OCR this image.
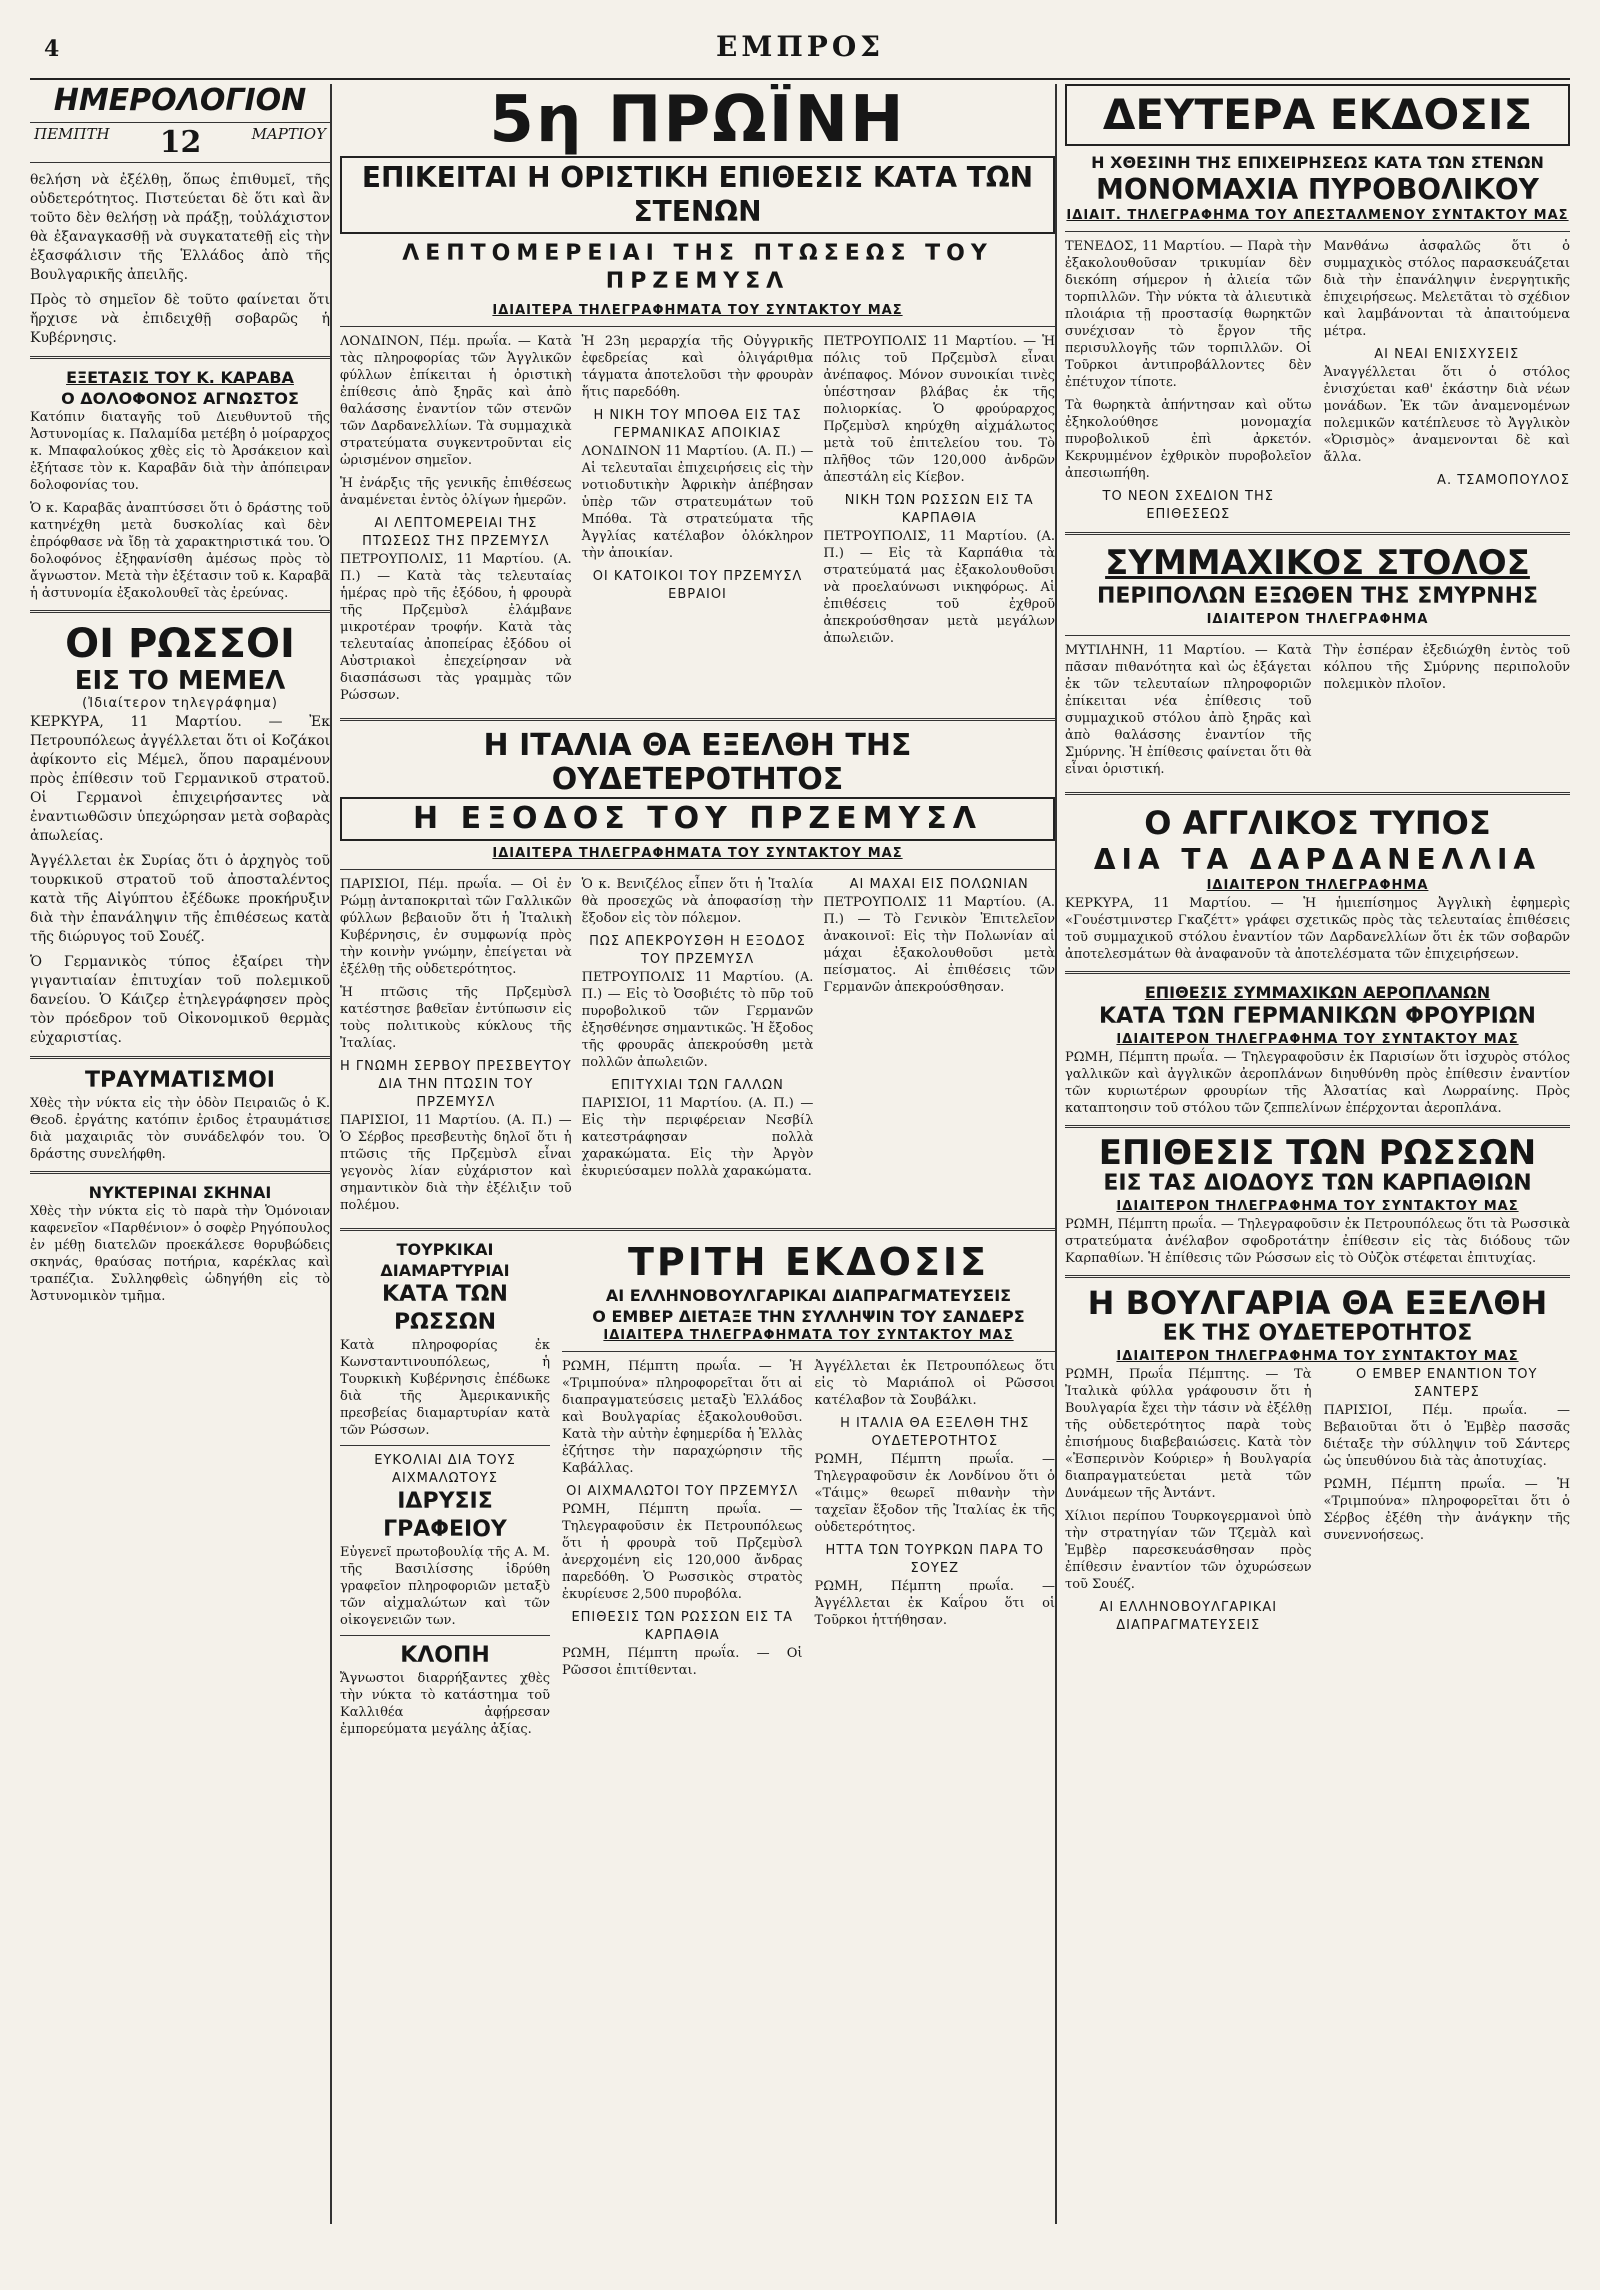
4	ΕΜΠΡΟΣ
ΗΜΕΡΟΛΟΓΙΟΝ
ΠΕΜΠΤΗ 12	ΜΑΡΤΙΟΥ

θελήση νὰ ἐξέλθῃ, ὅπως ἐπιθυμεῖ, τῆς οὐδετερότητος. Πιστεύεται δὲ ὅτι καὶ ἂν τοῦτο δὲν θελήσῃ νὰ πράξῃ, τοὐλάχιστον θὰ ἐξαναγκασθῇ νὰ συγκατατεθῇ εἰς τὴν ἐξασφάλισιν τῆς Ἑλλάδος ἀπὸ τῆς Βουλγαρικῆς ἀπειλῆς.

Πρὸς τὸ σημεῖον δὲ τοῦτο φαίνεται ὅτι ἤρχισε νὰ ἐπιδειχθῇ σοβαρῶς ἡ Κυβέρνησις.

ΕΞΕΤΑΣΙΣ ΤΟΥ Κ. ΚΑΡΑΒΑ
Ο ΔΟΛΟΦΟΝΟΣ ΑΓΝΩΣΤΟΣ

Κατόπιν διαταγῆς τοῦ Διευθυντοῦ τῆς Ἀστυνομίας κ. Παλαμίδα μετέβη ὁ μοίραρχος κ. Μπαφαλούκος χθὲς εἰς τὸ Ἀρσάκειον καὶ ἐξήτασε τὸν κ. Καραβᾶν διὰ τὴν ἀπόπειραν δολοφονίας του.

Ὁ κ. Καραβᾶς ἀναπτύσσει ὅτι ὁ δράστης τοῦ κατηνέχθη μετὰ δυσκολίας καὶ δὲν ἐπρόφθασε νὰ ἴδῃ τὰ χαρακτηριστικά του. Ὁ δολοφόνος ἐξηφανίσθη ἀμέσως πρὸς τὸ ἄγνωστον. Μετὰ τὴν ἐξέτασιν τοῦ κ. Καραβᾶ ἡ ἀστυνομία ἐξακολουθεῖ τὰς ἐρεύνας.

ΟΙ ΡΩΣΣΟΙ
ΕΙΣ ΤΟ ΜΕΜΕΛ
(Ἰδιαίτερον τηλεγράφημα)

ΚΕΡΚΥΡΑ, 11 Μαρτίου. — Ἐκ Πετρουπόλεως ἀγγέλλεται ὅτι οἱ Κοζάκοι ἀφίκοντο εἰς Μέμελ, ὅπου παραμένουν πρὸς ἐπίθεσιν τοῦ Γερμανικοῦ στρατοῦ. Οἱ Γερμανοὶ ἐπιχειρήσαντες νὰ ἐναντιωθῶσιν ὑπεχώρησαν μετὰ σοβαρὰς ἀπωλείας.

Ἀγγέλλεται ἐκ Συρίας ὅτι ὁ ἀρχηγὸς τοῦ τουρκικοῦ στρατοῦ τοῦ ἀποσταλέντος κατὰ τῆς Αἰγύπτου ἐξέδωκε προκήρυξιν διὰ τὴν ἐπανάληψιν τῆς ἐπιθέσεως κατὰ τῆς διώρυγος τοῦ Σουέζ.

Ὁ Γερμανικὸς τύπος ἐξαίρει τὴν γιγαντιαίαν ἐπιτυχίαν τοῦ πολεμικοῦ δανείου. Ὁ Κάιζερ ἐτηλεγράφησεν πρὸς τὸν πρόεδρον τοῦ Οἰκονομικοῦ θερμὰς εὐχαριστίας.

ΤΡΑΥΜΑΤΙΣΜΟΙ

Χθὲς τὴν νύκτα εἰς τὴν ὁδὸν Πειραιῶς ὁ Κ. Θεοδ. ἐργάτης κατόπιν ἐριδος ἐτραυμάτισε διὰ μαχαιριᾶς τὸν συνάδελφόν του. Ὁ δράστης συνελήφθη.

ΝΥΚΤΕΡΙΝΑΙ ΣΚΗΝΑΙ

Χθὲς τὴν νύκτα εἰς τὸ παρὰ τὴν Ὁμόνοιαν καφενεῖον «Παρθένιον» ὁ σοφὲρ Ρηγόπουλος ἐν μέθῃ διατελῶν προεκάλεσε θορυβώδεις σκηνάς, θραύσας ποτήρια, καρέκλας καὶ τραπέζια. Συλληφθεὶς ὡδηγήθη εἰς τὸ Ἀστυνομικὸν τμῆμα.

5η ΠΡΩΪΝΗ
ΕΠΙΚΕΙΤΑΙ Η ΟΡΙΣΤΙΚΗ ΕΠΙΘΕΣΙΣ ΚΑΤΑ ΤΩΝ ΣΤΕΝΩΝ
ΛΕΠΤΟΜΕΡΕΙΑΙ ΤΗΣ ΠΤΩΣΕΩΣ ΤΟΥ ΠΡΖΕΜΥΣΛ
ΙΔΙΑΙΤΕΡΑ ΤΗΛΕΓΡΑΦΗΜΑΤΑ ΤΟΥ ΣΥΝΤΑΚΤΟΥ ΜΑΣ

ΛΟΝΔΙΝΟΝ, Πέμ. πρωΐα. — Κατὰ τὰς πληροφορίας τῶν Ἀγγλικῶν φύλλων ἐπίκειται ἡ ὁριστικὴ ἐπίθεσις ἀπὸ ξηρᾶς καὶ ἀπὸ θαλάσσης ἐναντίον τῶν στενῶν τῶν Δαρδανελλίων. Τὰ συμμαχικὰ στρατεύματα συγκεντροῦνται εἰς ὡρισμένον σημεῖον.

Ἡ ἐνάρξις τῆς γενικῆς ἐπιθέσεως ἀναμένεται ἐντὸς ὀλίγων ἡμερῶν.

ΑΙ ΛΕΠΤΟΜΕΡΕΙΑΙ ΤΗΣ ΠΤΩΣΕΩΣ ΤΗΣ ΠΡΖΕΜΥΣΛ

ΠΕΤΡΟΥΠΟΛΙΣ, 11 Μαρτίου. (Α. Π.) — Κατὰ τὰς τελευταίας ἡμέρας πρὸ τῆς ἐξόδου, ἡ φρουρὰ τῆς Πρζεμὺσλ ἐλάμβανε μικροτέραν τροφήν. Κατὰ τὰς τελευταίας ἀποπείρας ἐξόδου οἱ Αὐστριακοὶ ἐπεχείρησαν νὰ διασπάσωσι τὰς γραμμὰς τῶν Ρώσσων.

Ἡ 23η μεραρχία τῆς Οὐγγρικῆς ἐφεδρείας καὶ ὀλιγάριθμα τάγματα ἀποτελοῦσι τὴν φρουρὰν ἥτις παρεδόθη.

Η ΝΙΚΗ ΤΟΥ ΜΠΟΘΑ ΕΙΣ ΤΑΣ ΓΕΡΜΑΝΙΚΑΣ ΑΠΟΙΚΙΑΣ

ΛΟΝΔΙΝΟΝ 11 Μαρτίου. (Α. Π.) — Αἱ τελευταῖαι ἐπιχειρήσεις εἰς τὴν νοτιοδυτικὴν Ἀφρικὴν ἀπέβησαν ὑπὲρ τῶν στρατευμάτων τοῦ Μπόθα. Τὰ στρατεύματα τῆς Ἀγγλίας κατέλαβον ὁλόκληρον τὴν ἀποικίαν.

ΟΙ ΚΑΤΟΙΚΟΙ ΤΟΥ ΠΡΖΕΜΥΣΛ ΕΒΡΑΙΟΙ

ΠΕΤΡΟΥΠΟΛΙΣ 11 Μαρτίου. — Ἡ πόλις τοῦ Πρζεμὺσλ εἶναι ἀνέπαφος. Μόνον συνοικίαι τινὲς ὑπέστησαν βλάβας ἐκ τῆς πολιορκίας. Ὁ φρούραρχος Πρζεμὺσλ κηρύχθη αἰχμάλωτος μετὰ τοῦ ἐπιτελείου του. Τὸ πλῆθος τῶν 120,000 ἀνδρῶν ἀπεστάλη εἰς Κίεβον.

ΝΙΚΗ ΤΩΝ ΡΩΣΣΩΝ ΕΙΣ ΤΑ ΚΑΡΠΑΘΙΑ

ΠΕΤΡΟΥΠΟΛΙΣ, 11 Μαρτίου. (Α. Π.) — Εἰς τὰ Καρπάθια τὰ στρατεύματά μας ἐξακολουθοῦσι νὰ προελαύνωσι νικηφόρως. Αἱ ἐπιθέσεις τοῦ ἐχθροῦ ἀπεκρούσθησαν μετὰ μεγάλων ἀπωλειῶν.

Η ΙΤΑΛΙΑ ΘΑ ΕΞΕΛΘΗ ΤΗΣ ΟΥΔΕΤΕΡΟΤΗΤΟΣ
Η ΕΞΟΔΟΣ ΤΟΥ ΠΡΖΕΜΥΣΛ
ΙΔΙΑΙΤΕΡΑ ΤΗΛΕΓΡΑΦΗΜΑΤΑ ΤΟΥ ΣΥΝΤΑΚΤΟΥ ΜΑΣ

ΠΑΡΙΣΙΟΙ, Πέμ. πρωΐα. — Οἱ ἐν Ρώμῃ ἀνταποκριταὶ τῶν Γαλλικῶν φύλλων βεβαιοῦν ὅτι ἡ Ἰταλικὴ Κυβέρνησις, ἐν συμφωνίᾳ πρὸς τὴν κοινὴν γνώμην, ἐπείγεται νὰ ἐξέλθῃ τῆς οὐδετερότητος.

Ἡ πτῶσις τῆς Πρζεμὺσλ κατέστησε βαθεῖαν ἐντύπωσιν εἰς τοὺς πολιτικοὺς κύκλους τῆς Ἰταλίας.

Η ΓΝΩΜΗ ΣΕΡΒΟΥ ΠΡΕΣΒΕΥΤΟΥ ΔΙΑ ΤΗΝ ΠΤΩΣΙΝ ΤΟΥ ΠΡΖΕΜΥΣΛ

ΠΑΡΙΣΙΟΙ, 11 Μαρτίου. (Α. Π.) — Ὁ Σέρβος πρεσβευτὴς δηλοῖ ὅτι ἡ πτῶσις τῆς Πρζεμὺσλ εἶναι γεγονὸς λίαν εὐχάριστον καὶ σημαντικὸν διὰ τὴν ἐξέλιξιν τοῦ πολέμου.

Ὁ κ. Βενιζέλος εἶπεν ὅτι ἡ Ἰταλία θὰ προσεχῶς νὰ ἀποφασίσῃ τὴν ἔξοδον εἰς τὸν πόλεμον.

ΠΩΣ ΑΠΕΚΡΟΥΣΘΗ Η ΕΞΟΔΟΣ ΤΟΥ ΠΡΖΕΜΥΣΛ

ΠΕΤΡΟΥΠΟΛΙΣ 11 Μαρτίου. (Α. Π.) — Εἰς τὸ Ὀσοβιέτς τὸ πῦρ τοῦ πυροβολικοῦ τῶν Γερμανῶν ἐξησθένησε σημαντικῶς. Ἡ ἔξοδος τῆς φρουρᾶς ἀπεκρούσθη μετὰ πολλῶν ἀπωλειῶν.

ΕΠΙΤΥΧΙΑΙ ΤΩΝ ΓΑΛΛΩΝ

ΠΑΡΙΣΙΟΙ, 11 Μαρτίου. (Α. Π.) — Εἰς τὴν περιφέρειαν Νεσβίλ κατεστράφησαν πολλὰ χαρακώματα. Εἰς τὴν Ἀργὸν ἐκυριεύσαμεν πολλὰ χαρακώματα.

ΑΙ ΜΑΧΑΙ ΕΙΣ ΠΟΛΩΝΙΑΝ

ΠΕΤΡΟΥΠΟΛΙΣ 11 Μαρτίου. (Α. Π.) — Τὸ Γενικὸν Ἐπιτελεῖον ἀνακοινοῖ: Εἰς τὴν Πολωνίαν αἱ μάχαι ἐξακολουθοῦσι μετὰ πείσματος. Αἱ ἐπιθέσεις τῶν Γερμανῶν ἀπεκρούσθησαν.

ΤΟΥΡΚΙΚΑΙ ΔΙΑΜΑΡΤΥΡΙΑΙ
ΚΑΤΑ ΤΩΝ ΡΩΣΣΩΝ

Κατὰ πληροφορίας ἐκ Κωνσταντινουπόλεως, ἡ Τουρκικὴ Κυβέρνησις ἐπέδωκε διὰ τῆς Ἀμερικανικῆς πρεσβείας διαμαρτυρίαν κατὰ τῶν Ρώσσων.

ΕΥΚΟΛΙΑΙ ΔΙΑ ΤΟΥΣ ΑΙΧΜΑΛΩΤΟΥΣ
ΙΔΡΥΣΙΣ ΓΡΑΦΕΙΟΥ

Εὐγενεῖ πρωτοβουλίᾳ τῆς Α. Μ. τῆς Βασιλίσσης ἱδρύθη γραφεῖον πληροφοριῶν μεταξὺ τῶν αἰχμαλώτων καὶ τῶν οἰκογενειῶν των.

ΚΛΟΠΗ

Ἄγνωστοι διαρρήξαντες χθὲς τὴν νύκτα τὸ κατάστημα τοῦ Καλλιθέα ἀφῄρεσαν ἐμπορεύματα μεγάλης ἀξίας.

ΤΡΙΤΗ ΕΚΔΟΣΙΣ
ΑΙ ΕΛΛΗΝΟΒΟΥΛΓΑΡΙΚΑΙ ΔΙΑΠΡΑΓΜΑΤΕΥΣΕΙΣ
Ο ΕΜΒΕΡ ΔΙΕΤΑΞΕ ΤΗΝ ΣΥΛΛΗΨΙΝ ΤΟΥ ΣΑΝΔΕΡΣ
ΙΔΙΑΙΤΕΡΑ ΤΗΛΕΓΡΑΦΗΜΑΤΑ ΤΟΥ ΣΥΝΤΑΚΤΟΥ ΜΑΣ

ΡΩΜΗ, Πέμπτη πρωΐα. — Ἡ «Τριμπούνα» πληροφορεῖται ὅτι αἱ διαπραγματεύσεις μεταξὺ Ἑλλάδος καὶ Βουλγαρίας ἐξακολουθοῦσι. Κατὰ τὴν αὐτὴν ἐφημερίδα ἡ Ἑλλὰς ἐζήτησε τὴν παραχώρησιν τῆς Καβάλλας.

ΟΙ ΑΙΧΜΑΛΩΤΟΙ ΤΟΥ ΠΡΖΕΜΥΣΛ

ΡΩΜΗ, Πέμπτη πρωΐα. — Τηλεγραφοῦσιν ἐκ Πετρουπόλεως ὅτι ἡ φρουρὰ τοῦ Πρζεμὺσλ ἀνερχομένη εἰς 120,000 ἄνδρας παρεδόθη. Ὁ Ρωσσικὸς στρατὸς ἐκυρίευσε 2,500 πυροβόλα.

ΕΠΙΘΕΣΙΣ ΤΩΝ ΡΩΣΣΩΝ ΕΙΣ ΤΑ ΚΑΡΠΑΘΙΑ

ΡΩΜΗ, Πέμπτη πρωΐα. — Οἱ Ρῶσσοι ἐπιτίθενται.

Ἀγγέλλεται ἐκ Πετρουπόλεως ὅτι εἰς τὸ Μαριάπολ οἱ Ρῶσσοι κατέλαβον τὰ Σουβάλκι.

Η ΙΤΑΛΙΑ ΘΑ ΕΞΕΛΘΗ ΤΗΣ ΟΥΔΕΤΕΡΟΤΗΤΟΣ

ΡΩΜΗ, Πέμπτη πρωΐα. — Τηλεγραφοῦσιν ἐκ Λονδίνου ὅτι ὁ «Τάιμς» θεωρεῖ πιθανὴν τὴν ταχεῖαν ἔξοδον τῆς Ἰταλίας ἐκ τῆς οὐδετερότητος.

ΗΤΤΑ ΤΩΝ ΤΟΥΡΚΩΝ ΠΑΡΑ ΤΟ ΣΟΥΕΖ

ΡΩΜΗ, Πέμπτη πρωΐα. — Ἀγγέλλεται ἐκ Καΐρου ὅτι οἱ Τοῦρκοι ἡττήθησαν.

ΔΕΥΤΕΡΑ ΕΚΔΟΣΙΣ
Η ΧΘΕΣΙΝΗ ΤΗΣ ΕΠΙΧΕΙΡΗΣΕΩΣ ΚΑΤΑ ΤΩΝ ΣΤΕΝΩΝ
ΜΟΝΟΜΑΧΙΑ ΠΥΡΟΒΟΛΙΚΟΥ
ΙΔΙΑΙΤ. ΤΗΛΕΓΡΑΦΗΜΑ ΤΟΥ ΑΠΕΣΤΑΛΜΕΝΟΥ ΣΥΝΤΑΚΤΟΥ ΜΑΣ

ΤΕΝΕΔΟΣ, 11 Μαρτίου. — Παρὰ τὴν ἐξακολουθοῦσαν τρικυμίαν δὲν διεκόπη σήμερον ἡ ἀλιεία τῶν τορπιλλῶν. Τὴν νύκτα τὰ ἀλιευτικὰ πλοιάρια τῇ προστασίᾳ θωρηκτῶν συνέχισαν τὸ ἔργον τῆς περισυλλογῆς τῶν τορπιλλῶν. Οἱ Τοῦρκοι ἀντιπροβάλλοντες δὲν ἐπέτυχον τίποτε.

Τὰ θωρηκτὰ ἀπήντησαν καὶ οὕτω ἐξηκολούθησε μονομαχία πυροβολικοῦ ἐπὶ ἀρκετόν. Κεκρυμμένον ἐχθρικὸν πυροβολεῖον ἀπεσιωπήθη.

ΤΟ ΝΕΟΝ ΣΧΕΔΙΟΝ ΤΗΣ ΕΠΙΘΕΣΕΩΣ

Μανθάνω ἀσφαλῶς ὅτι ὁ συμμαχικὸς στόλος παρασκευάζεται διὰ τὴν ἐπανάληψιν ἐνεργητικῆς ἐπιχειρήσεως. Μελετᾶται τὸ σχέδιον καὶ λαμβάνονται τὰ ἀπαιτούμενα μέτρα.

ΑΙ ΝΕΑΙ ΕΝΙΣΧΥΣΕΙΣ

Ἀναγγέλλεται ὅτι ὁ στόλος ἐνισχύεται καθ' ἑκάστην διὰ νέων μονάδων. Ἐκ τῶν ἀναμενομένων πολεμικῶν κατέπλευσε τὸ Ἀγγλικὸν «Ὀρισμὸς» ἀναμενονται δὲ καὶ ἄλλα.

Α. ΤΣΑΜΟΠΟΥΛΟΣ
ΣΥΜΜΑΧΙΚΟΣ ΣΤΟΛΟΣ
ΠΕΡΙΠΟΛΩΝ ΕΞΩΘΕΝ ΤΗΣ ΣΜΥΡΝΗΣ
ΙΔΙΑΙΤΕΡΟΝ ΤΗΛΕΓΡΑΦΗΜΑ

ΜΥΤΙΛΗΝΗ, 11 Μαρτίου. — Κατὰ πᾶσαν πιθανότητα καὶ ὡς ἐξάγεται ἐκ τῶν τελευταίων πληροφοριῶν ἐπίκειται νέα ἐπίθεσις τοῦ συμμαχικοῦ στόλου ἀπὸ ξηρᾶς καὶ ἀπὸ θαλάσσης ἐναντίον τῆς Σμύρνης. Ἡ ἐπίθεσις φαίνεται ὅτι θὰ εἶναι ὁριστική.

Τὴν ἑσπέραν ἐξεδιώχθη ἐντὸς τοῦ κόλπου τῆς Σμύρνης περιπολοῦν πολεμικὸν πλοῖον.

Ο ΑΓΓΛΙΚΟΣ ΤΥΠΟΣ
ΔΙΑ ΤΑ ΔΑΡΔΑΝΕΛΛΙΑ
ΙΔΙΑΙΤΕΡΟΝ ΤΗΛΕΓΡΑΦΗΜΑ

ΚΕΡΚΥΡΑ, 11 Μαρτίου. — Ἡ ἡμιεπίσημος Ἀγγλικὴ ἐφημερὶς «Γουέστμινστερ Γκαζέττ» γράφει σχετικῶς πρὸς τὰς τελευταίας ἐπιθέσεις τοῦ συμμαχικοῦ στόλου ἐναντίον τῶν Δαρδανελλίων ὅτι ἐκ τῶν σοβαρῶν ἀποτελεσμάτων θὰ ἀναφανοῦν τὰ ἀποτελέσματα τῶν ἐπιχειρήσεων.

ΕΠΙΘΕΣΙΣ ΣΥΜΜΑΧΙΚΩΝ ΑΕΡΟΠΛΑΝΩΝ
ΚΑΤΑ ΤΩΝ ΓΕΡΜΑΝΙΚΩΝ ΦΡΟΥΡΙΩΝ
ΙΔΙΑΙΤΕΡΟΝ ΤΗΛΕΓΡΑΦΗΜΑ ΤΟΥ ΣΥΝΤΑΚΤΟΥ ΜΑΣ

ΡΩΜΗ, Πέμπτη πρωΐα. — Τηλεγραφοῦσιν ἐκ Παρισίων ὅτι ἰσχυρὸς στόλος γαλλικῶν καὶ ἀγγλικῶν ἀεροπλάνων διηυθύνθη πρὸς ἐπίθεσιν ἐναντίον τῶν κυριωτέρων φρουρίων τῆς Ἀλσατίας καὶ Λωρραίνης. Πρὸς καταπτοησιν τοῦ στόλου τῶν ζεππελίνων ἐπέρχονται ἀεροπλάνα.

ΕΠΙΘΕΣΙΣ ΤΩΝ ΡΩΣΣΩΝ
ΕΙΣ ΤΑΣ ΔΙΟΔΟΥΣ ΤΩΝ ΚΑΡΠΑΘΙΩΝ
ΙΔΙΑΙΤΕΡΟΝ ΤΗΛΕΓΡΑΦΗΜΑ ΤΟΥ ΣΥΝΤΑΚΤΟΥ ΜΑΣ

ΡΩΜΗ, Πέμπτη πρωΐα. — Τηλεγραφοῦσιν ἐκ Πετρουπόλεως ὅτι τὰ Ρωσσικὰ στρατεύματα ἀνέλαβον σφοδροτάτην ἐπίθεσιν εἰς τὰς διόδους τῶν Καρπαθίων. Ἡ ἐπίθεσις τῶν Ρώσσων εἰς τὸ Οὐζὸκ στέφεται ἐπιτυχίας.

Η ΒΟΥΛΓΑΡΙΑ ΘΑ ΕΞΕΛΘΗ
ΕΚ ΤΗΣ ΟΥΔΕΤΕΡΟΤΗΤΟΣ
ΙΔΙΑΙΤΕΡΟΝ ΤΗΛΕΓΡΑΦΗΜΑ ΤΟΥ ΣΥΝΤΑΚΤΟΥ ΜΑΣ

ΡΩΜΗ, Πρωΐα Πέμπτης. — Τὰ Ἰταλικὰ φύλλα γράφουσιν ὅτι ἡ Βουλγαρία ἔχει τὴν τάσιν νὰ ἐξέλθῃ τῆς οὐδετερότητος παρὰ τοὺς ἐπισήμους διαβεβαιώσεις. Κατὰ τὸν «Ἐσπερινὸν Κούριερ» ἡ Βουλγαρία διαπραγματεύεται μετὰ τῶν Δυνάμεων τῆς Ἀντάντ.

Χίλιοι περίπου Τουρκογερμανοὶ ὑπὸ τὴν στρατηγίαν τῶν Τζεμὰλ καὶ Ἐμβὲρ παρεσκευάσθησαν πρὸς ἐπίθεσιν ἐναντίον τῶν ὀχυρώσεων τοῦ Σουέζ.

ΑΙ ΕΛΛΗΝΟΒΟΥΛΓΑΡΙΚΑΙ ΔΙΑΠΡΑΓΜΑΤΕΥΣΕΙΣ
Ο ΕΜΒΕΡ ΕΝΑΝΤΙΟΝ ΤΟΥ ΣΑΝΤΕΡΣ

ΠΑΡΙΣΙΟΙ, Πέμ. πρωΐα. — Βεβαιοῦται ὅτι ὁ Ἐμβὲρ πασσᾶς διέταξε τὴν σύλληψιν τοῦ Σάντερς ὡς ὑπευθύνου διὰ τὰς ἀποτυχίας.

ΡΩΜΗ, Πέμπτη πρωΐα. — Ἡ «Τριμπούνα» πληροφορεῖται ὅτι ὁ Σέρβος ἐξέθη τὴν ἀνάγκην τῆς συνεννοήσεως.
